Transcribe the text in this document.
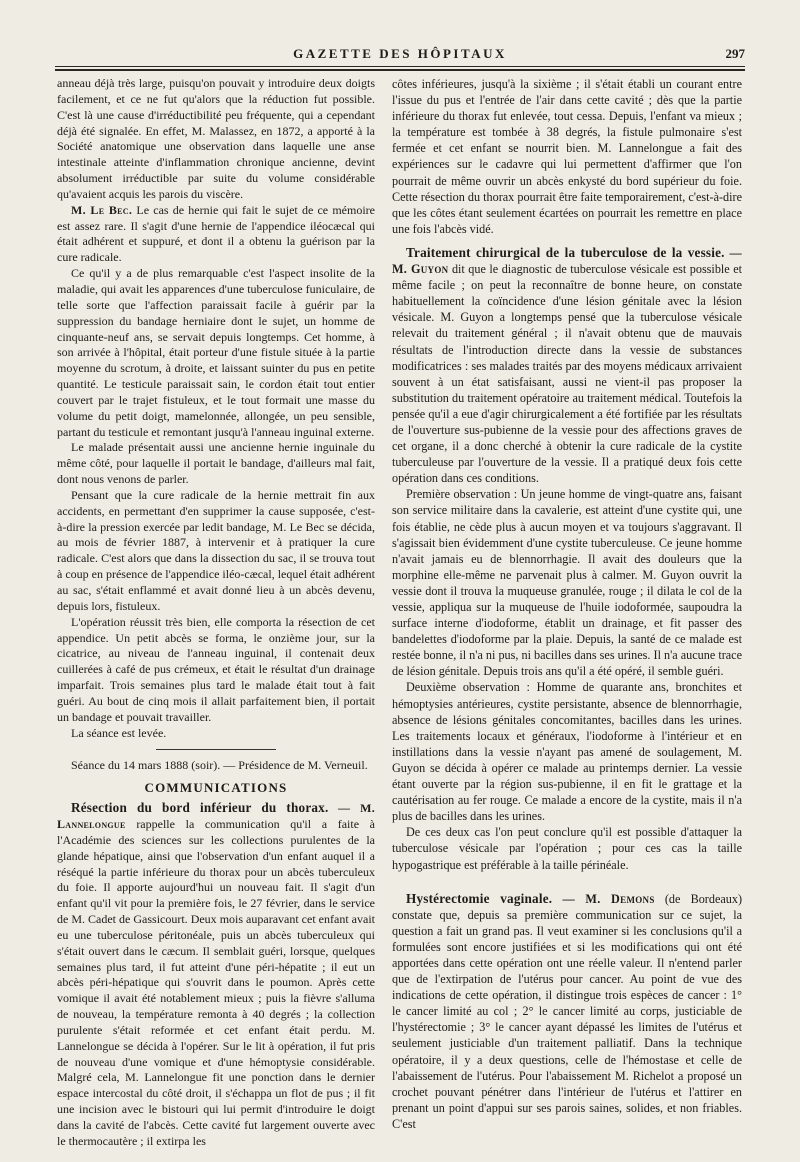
GAZETTE DES HÔPITAUX	297

anneau déjà très large, puisqu'on pouvait y introduire deux doigts facilement, et ce ne fut qu'alors que la réduction fut possible. C'est là une cause d'irréductibilité peu fréquente, qui a cependant déjà été signalée. En effet, M. Malassez, en 1872, a apporté à la Société anatomique une observation dans laquelle une anse intestinale atteinte d'inflammation chronique ancienne, devint absolument irréductible par suite du volume considérable qu'avaient acquis les parois du viscère.

M. Le Bec. Le cas de hernie qui fait le sujet de ce mémoire est assez rare. Il s'agit d'une hernie de l'appendice iléocæcal qui était adhérent et suppuré, et dont il a obtenu la guérison par la cure radicale.

Ce qu'il y a de plus remarquable c'est l'aspect insolite de la maladie, qui avait les apparences d'une tuberculose funiculaire, de telle sorte que l'affection paraissait facile à guérir par la suppression du bandage herniaire dont le sujet, un homme de cinquante-neuf ans, se servait depuis longtemps. Cet homme, à son arrivée à l'hôpital, était porteur d'une fistule située à la partie moyenne du scrotum, à droite, et laissant suinter du pus en petite quantité. Le testicule paraissait sain, le cordon était tout entier couvert par le trajet fistuleux, et le tout formait une masse du volume du petit doigt, mamelonnée, allongée, un peu sensible, partant du testicule et remontant jusqu'à l'anneau inguinal externe.

Le malade présentait aussi une ancienne hernie inguinale du même côté, pour laquelle il portait le bandage, d'ailleurs mal fait, dont nous venons de parler.

Pensant que la cure radicale de la hernie mettrait fin aux accidents, en permettant d'en supprimer la cause supposée, c'est-à-dire la pression exercée par ledit bandage, M. Le Bec se décida, au mois de février 1887, à intervenir et à pratiquer la cure radicale. C'est alors que dans la dissection du sac, il se trouva tout à coup en présence de l'appendice iléo-cæcal, lequel était adhérent au sac, s'était enflammé et avait donné lieu à un abcès devenu, depuis lors, fistuleux.

L'opération réussit très bien, elle comporta la résection de cet appendice. Un petit abcès se forma, le onzième jour, sur la cicatrice, au niveau de l'anneau inguinal, il contenait deux cuillerées à café de pus crémeux, et était le résultat d'un drainage imparfait. Trois semaines plus tard le malade était tout à fait guéri. Au bout de cinq mois il allait parfaitement bien, il portait un bandage et pouvait travailler.

La séance est levée.

Séance du 14 mars 1888 (soir). — Présidence de M. Verneuil.

COMMUNICATIONS

Résection du bord inférieur du thorax. — M. Lannelongue rappelle la communication qu'il a faite à l'Académie des sciences sur les collections purulentes de la glande hépatique, ainsi que l'observation d'un enfant auquel il a réséqué la partie inférieure du thorax pour un abcès tuberculeux du foie. Il apporte aujourd'hui un nouveau fait. Il s'agit d'un enfant qu'il vit pour la première fois, le 27 février, dans le service de M. Cadet de Gassicourt. Deux mois auparavant cet enfant avait eu une tuberculose péritonéale, puis un abcès tuberculeux qui s'était ouvert dans le cæcum. Il semblait guéri, lorsque, quelques semaines plus tard, il fut atteint d'une péri-hépatite ; il eut un abcès péri-hépatique qui s'ouvrit dans le poumon. Après cette vomique il avait été notablement mieux ; puis la fièvre s'alluma de nouveau, la température remonta à 40 degrés ; la collection purulente s'était reformée et cet enfant était perdu. M. Lannelongue se décida à l'opérer. Sur le lit à opération, il fut pris de nouveau d'une vomique et d'une hémoptysie considérable. Malgré cela, M. Lannelongue fit une ponction dans le dernier espace intercostal du côté droit, il s'échappa un flot de pus ; il fit une incision avec le bistouri qui lui permit d'introduire le doigt dans la cavité de l'abcès. Cette cavité fut largement ouverte avec le thermocautère ; il extirpa les

côtes inférieures, jusqu'à la sixième ; il s'était établi un courant entre l'issue du pus et l'entrée de l'air dans cette cavité ; dès que la partie inférieure du thorax fut enlevée, tout cessa. Depuis, l'enfant va mieux ; la température est tombée à 38 degrés, la fistule pulmonaire s'est fermée et cet enfant se nourrit bien. M. Lannelongue a fait des expériences sur le cadavre qui lui permettent d'affirmer que l'on pourrait de même ouvrir un abcès enkysté du bord supérieur du foie. Cette résection du thorax pourrait être faite temporairement, c'est-à-dire que les côtes étant seulement écartées on pourrait les remettre en place une fois l'abcès vidé.

Traitement chirurgical de la tuberculose de la vessie. — M. Guyon dit que le diagnostic de tuberculose vésicale est possible et même facile ; on peut la reconnaître de bonne heure, on constate habituellement la coïncidence d'une lésion génitale avec la lésion vésicale. M. Guyon a longtemps pensé que la tuberculose vésicale relevait du traitement général ; il n'avait obtenu que de mauvais résultats de l'introduction directe dans la vessie de substances modificatrices : ses malades traités par des moyens médicaux arrivaient souvent à un état satisfaisant, aussi ne vient-il pas proposer la substitution du traitement opératoire au traitement médical. Toutefois la pensée qu'il a eue d'agir chirurgicalement a été fortifiée par les résultats de l'ouverture sus-pubienne de la vessie pour des affections graves de cet organe, il a donc cherché à obtenir la cure radicale de la cystite tuberculeuse par l'ouverture de la vessie. Il a pratiqué deux fois cette opération dans ces conditions.

Première observation : Un jeune homme de vingt-quatre ans, faisant son service militaire dans la cavalerie, est atteint d'une cystite qui, une fois établie, ne cède plus à aucun moyen et va toujours s'aggravant. Il s'agissait bien évidemment d'une cystite tuberculeuse. Ce jeune homme n'avait jamais eu de blennorrhagie. Il avait des douleurs que la morphine elle-même ne parvenait plus à calmer. M. Guyon ouvrit la vessie dont il trouva la muqueuse granulée, rouge ; il dilata le col de la vessie, appliqua sur la muqueuse de l'huile iodoformée, saupoudra la surface interne d'iodoforme, établit un drainage, et fit passer des bandelettes d'iodoforme par la plaie. Depuis, la santé de ce malade est restée bonne, il n'a ni pus, ni bacilles dans ses urines. Il n'a aucune trace de lésion génitale. Depuis trois ans qu'il a été opéré, il semble guéri.

Deuxième observation : Homme de quarante ans, bronchites et hémoptysies antérieures, cystite persistante, absence de blennorrhagie, absence de lésions génitales concomitantes, bacilles dans les urines. Les traitements locaux et généraux, l'iodoforme à l'intérieur et en instillations dans la vessie n'ayant pas amené de soulagement, M. Guyon se décida à opérer ce malade au printemps dernier. La vessie étant ouverte par la région sus-pubienne, il en fit le grattage et la cautérisation au fer rouge. Ce malade a encore de la cystite, mais il n'a plus de bacilles dans les urines.

De ces deux cas l'on peut conclure qu'il est possible d'attaquer la tuberculose vésicale par l'opération ; pour ces cas la taille hypogastrique est préférable à la taille périnéale.

Hystérectomie vaginale. — M. Demons (de Bordeaux) constate que, depuis sa première communication sur ce sujet, la question a fait un grand pas. Il veut examiner si les conclusions qu'il a formulées sont encore justifiées et si les modifications qui ont été apportées dans cette opération ont une réelle valeur. Il n'entend parler que de l'extirpation de l'utérus pour cancer. Au point de vue des indications de cette opération, il distingue trois espèces de cancer : 1° le cancer limité au col ; 2° le cancer limité au corps, justiciable de l'hystérectomie ; 3° le cancer ayant dépassé les limites de l'utérus et seulement justiciable d'un traitement palliatif. Dans la technique opératoire, il y a deux questions, celle de l'hémostase et celle de l'abaissement de l'utérus. Pour l'abaissement M. Richelot a proposé un crochet pouvant pénétrer dans l'intérieur de l'utérus et l'attirer en prenant un point d'appui sur ses parois saines, solides, et non friables. C'est
